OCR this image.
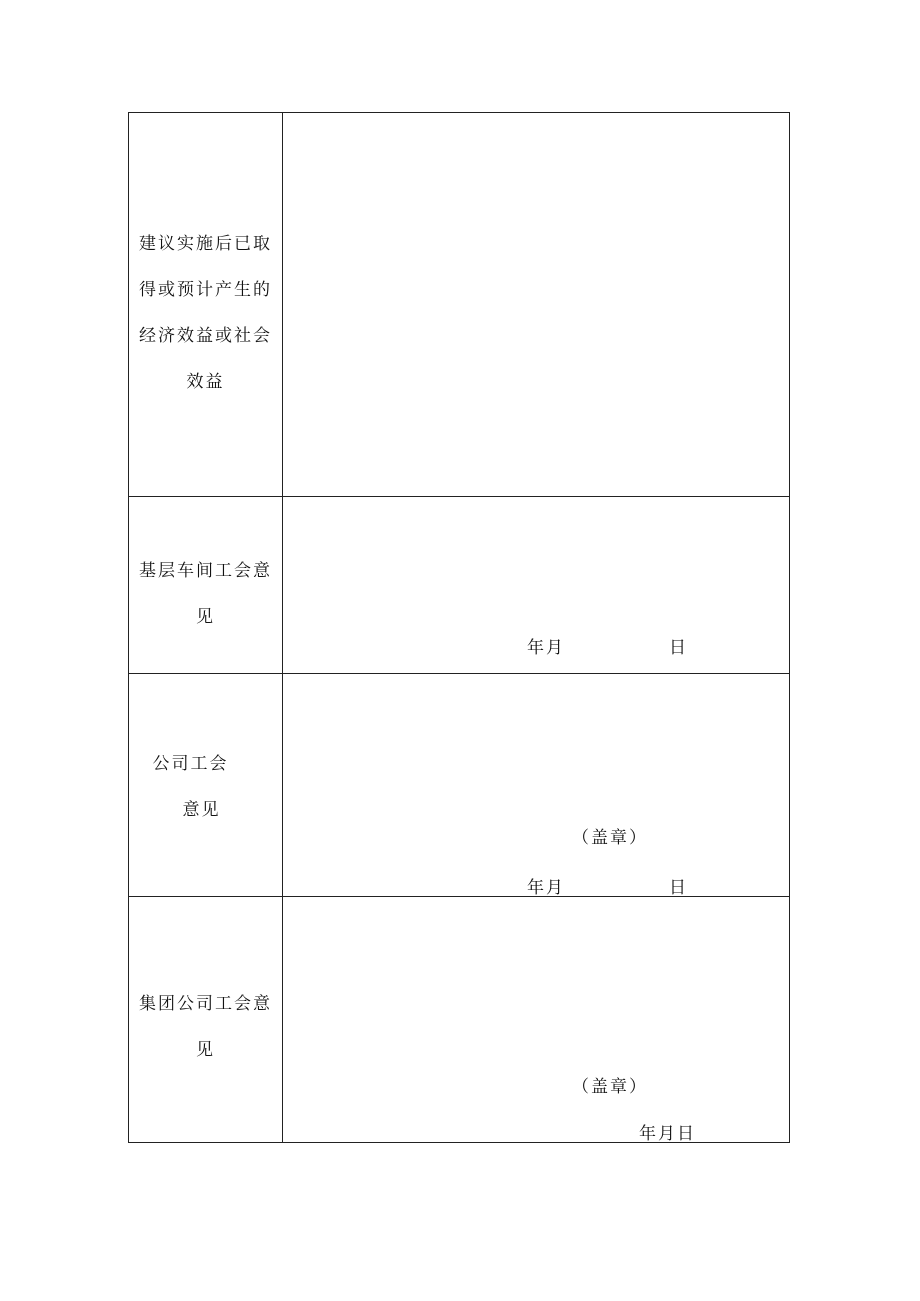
建议实施后已取
得或预计产生的
经济效益或社会
效益
基层车间工会意
见
年月	日
公司工会
意见
（盖章）
年月	日
集团公司工会意
见
（盖章）
年月日
